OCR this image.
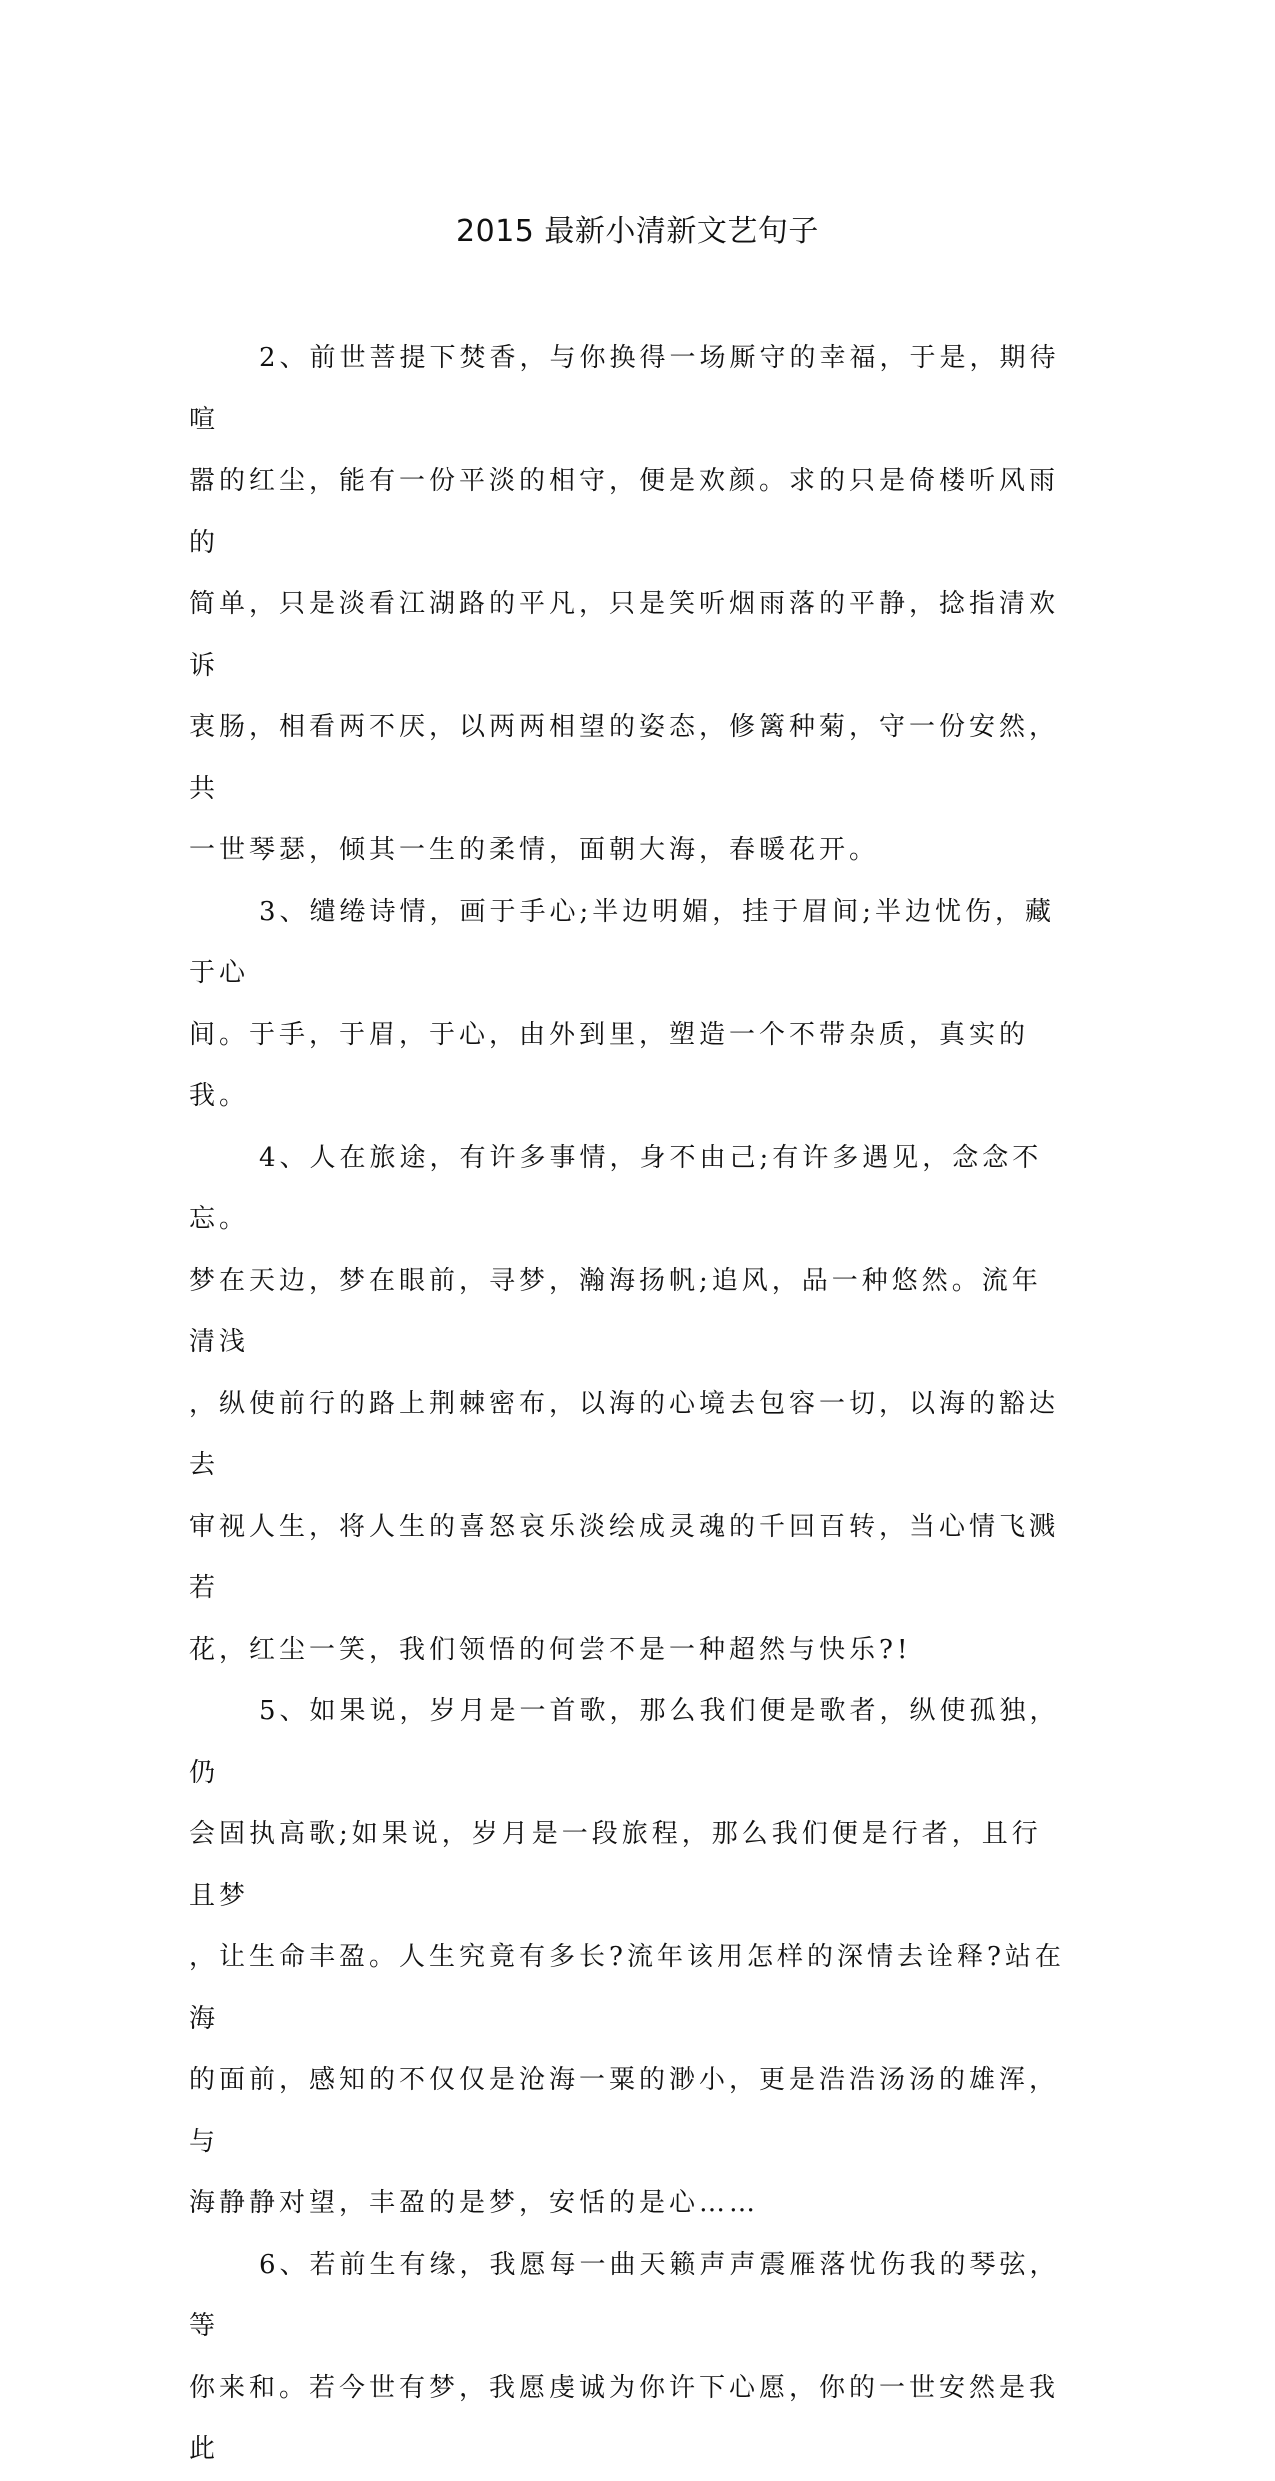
2015 最新小清新文艺句子

2、前世菩提下焚香，与你换得一场厮守的幸福，于是，期待喧
嚣的红尘，能有一份平淡的相守，便是欢颜。求的只是倚楼听风雨的
简单，只是淡看江湖路的平凡，只是笑听烟雨落的平静，捻指清欢诉
衷肠，相看两不厌，以两两相望的姿态，修篱种菊，守一份安然，共
一世琴瑟，倾其一生的柔情，面朝大海，春暖花开。

3、缱绻诗情，画于手心;半边明媚，挂于眉间;半边忧伤，藏于心
间。于手，于眉，于心，由外到里，塑造一个不带杂质，真实的我。

4、人在旅途，有许多事情，身不由己;有许多遇见，念念不忘。
梦在天边，梦在眼前，寻梦，瀚海扬帆;追风，品一种悠然。流年清浅
，纵使前行的路上荆棘密布，以海的心境去包容一切，以海的豁达去
审视人生，将人生的喜怒哀乐淡绘成灵魂的千回百转，当心情飞溅若
花，红尘一笑，我们领悟的何尝不是一种超然与快乐?!

5、如果说，岁月是一首歌，那么我们便是歌者，纵使孤独，仍
会固执高歌;如果说，岁月是一段旅程，那么我们便是行者，且行且梦
，让生命丰盈。人生究竟有多长?流年该用怎样的深情去诠释?站在海
的面前，感知的不仅仅是沧海一粟的渺小，更是浩浩汤汤的雄浑，与
海静静对望，丰盈的是梦，安恬的是心……

6、若前生有缘，我愿每一曲天籁声声震雁落忧伤我的琴弦，等
你来和。若今世有梦，我愿虔诚为你许下心愿，你的一世安然是我此
